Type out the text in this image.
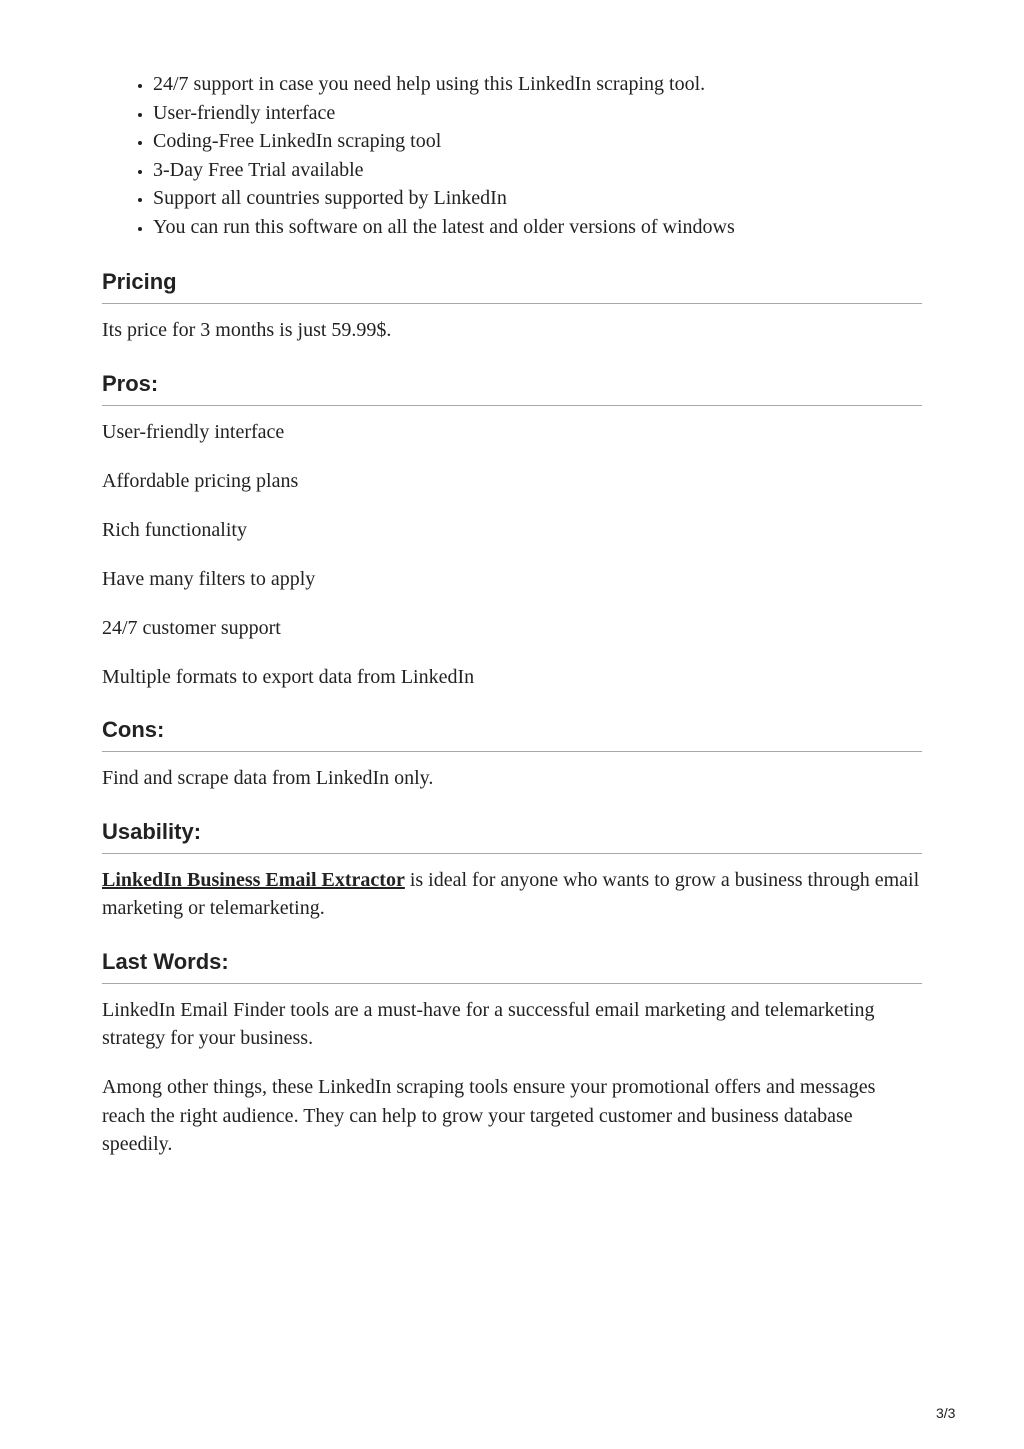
• 24/7 support in case you need help using this LinkedIn scraping tool.
• User-friendly interface
• Coding-Free LinkedIn scraping tool
• 3-Day Free Trial available
• Support all countries supported by LinkedIn
• You can run this software on all the latest and older versions of windows
Pricing

Its price for 3 months is just 59.99$.

Pros:

User-friendly interface

Affordable pricing plans

Rich functionality

Have many filters to apply

24/7 customer support

Multiple formats to export data from LinkedIn

Cons:

Find and scrape data from LinkedIn only.

Usability:

LinkedIn Business Email Extractor is ideal for anyone who wants to grow a business through email marketing or telemarketing.

Last Words:

LinkedIn Email Finder tools are a must-have for a successful email marketing and telemarketing strategy for your business.

Among other things, these LinkedIn scraping tools ensure your promotional offers and messages reach the right audience. They can help to grow your targeted customer and business database speedily.

3/3
